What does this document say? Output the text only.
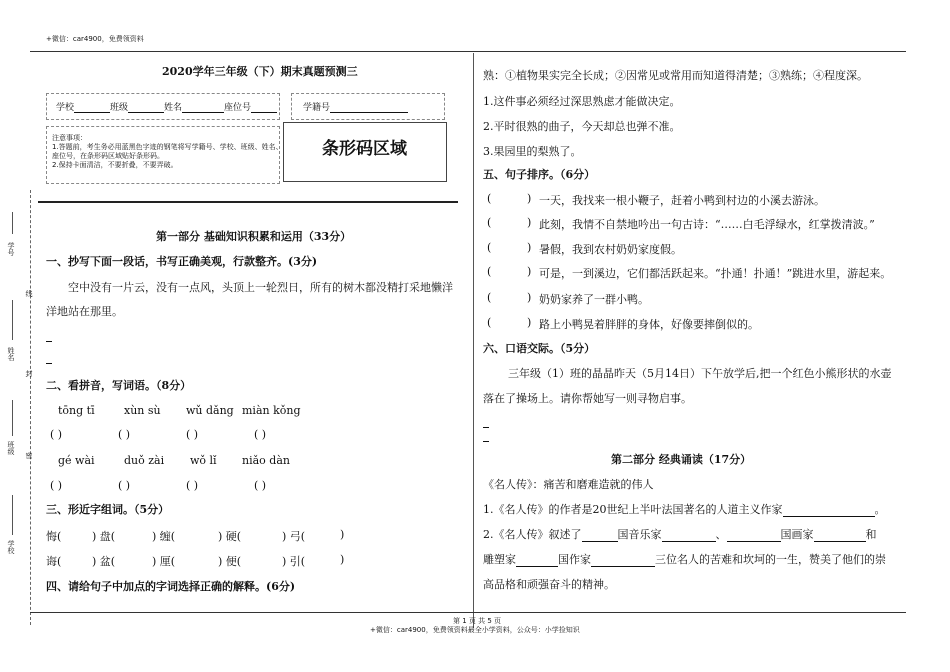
+微信：car4900，免费领资料
学号
姓名
班级
学校
线
封
密
2020学年三年级（下）期末真题预测三
学校	班级	姓名	座位号	学籍号
注意事项：
1.答题前，考生务必用蓝黑色字迹的钢笔将写学籍号、学校、班级、姓名、
座位号，在条形码区域贴好条形码。
2.保持卡面清洁，不要折叠，不要弄破。
条形码区域
第一部分 基础知识积累和运用（33分）
一、抄写下面一段话，书写正确美观，行款整齐。(3分)
空中没有一片云，没有一点风，头顶上一轮烈日，所有的树木都没精打采地懒洋
洋地站在那里。
二、看拼音，写词语。（8分）
tōng tī	xùn sù wǔ dǎng miàn kǒng
( )	( )	( )	( )
gé wài	duǒ zài wǒ lǐ niǎo dàn
( )	( )	( )	( )
三、形近字组词。（5分）
悔(	) 盘(	) 缠(	) 硬(	) 弓(	)
诲(	) 盆(	) 厘(	) 便(	) 引(	)
四、请给句子中加点的字词选择正确的解释。(6分)
熟：①植物果实完全长成；②因常见或常用而知道得清楚；③熟练；④程度深。
1.这件事必须经过深思熟虑才能做决定。
2.平时很熟的曲子，今天却总也弹不准。
3.果园里的梨熟了。
五、句子排序。（6分）
(	) 一天，我找来一根小鞭子，赶着小鸭到村边的小溪去游泳。
(	) 此刻，我情不自禁地吟出一句古诗：“……白毛浮绿水，红掌拨清波。”
(	) 暑假，我到农村奶奶家度假。
(	) 可是，一到溪边，它们都活跃起来。“扑通！扑通！”跳进水里，游起来。
(	) 奶奶家养了一群小鸭。
(	) 路上小鸭晃着胖胖的身体，好像要摔倒似的。
六、口语交际。（5分）
三年级（1）班的晶晶昨天（5月14日）下午放学后,把一个红色小熊形状的水壶
落在了操场上。请你帮她写一则寻物启事。
第二部分 经典诵读（17分）
《名人传》：痛苦和磨难造就的伟人
1.《名人传》的作者是20世纪上半叶法国著名的人道主义作家	。
2.《名人传》叙述了	国音乐家	、	国画家	和
雕塑家	国作家	三位名人的苦难和坎坷的一生，赞美了他们的崇
高品格和顽强奋斗的精神。
第 1 页 共 5 页
+微信：car4900，免费领资料最全小学资料，公众号：小学捡知识
